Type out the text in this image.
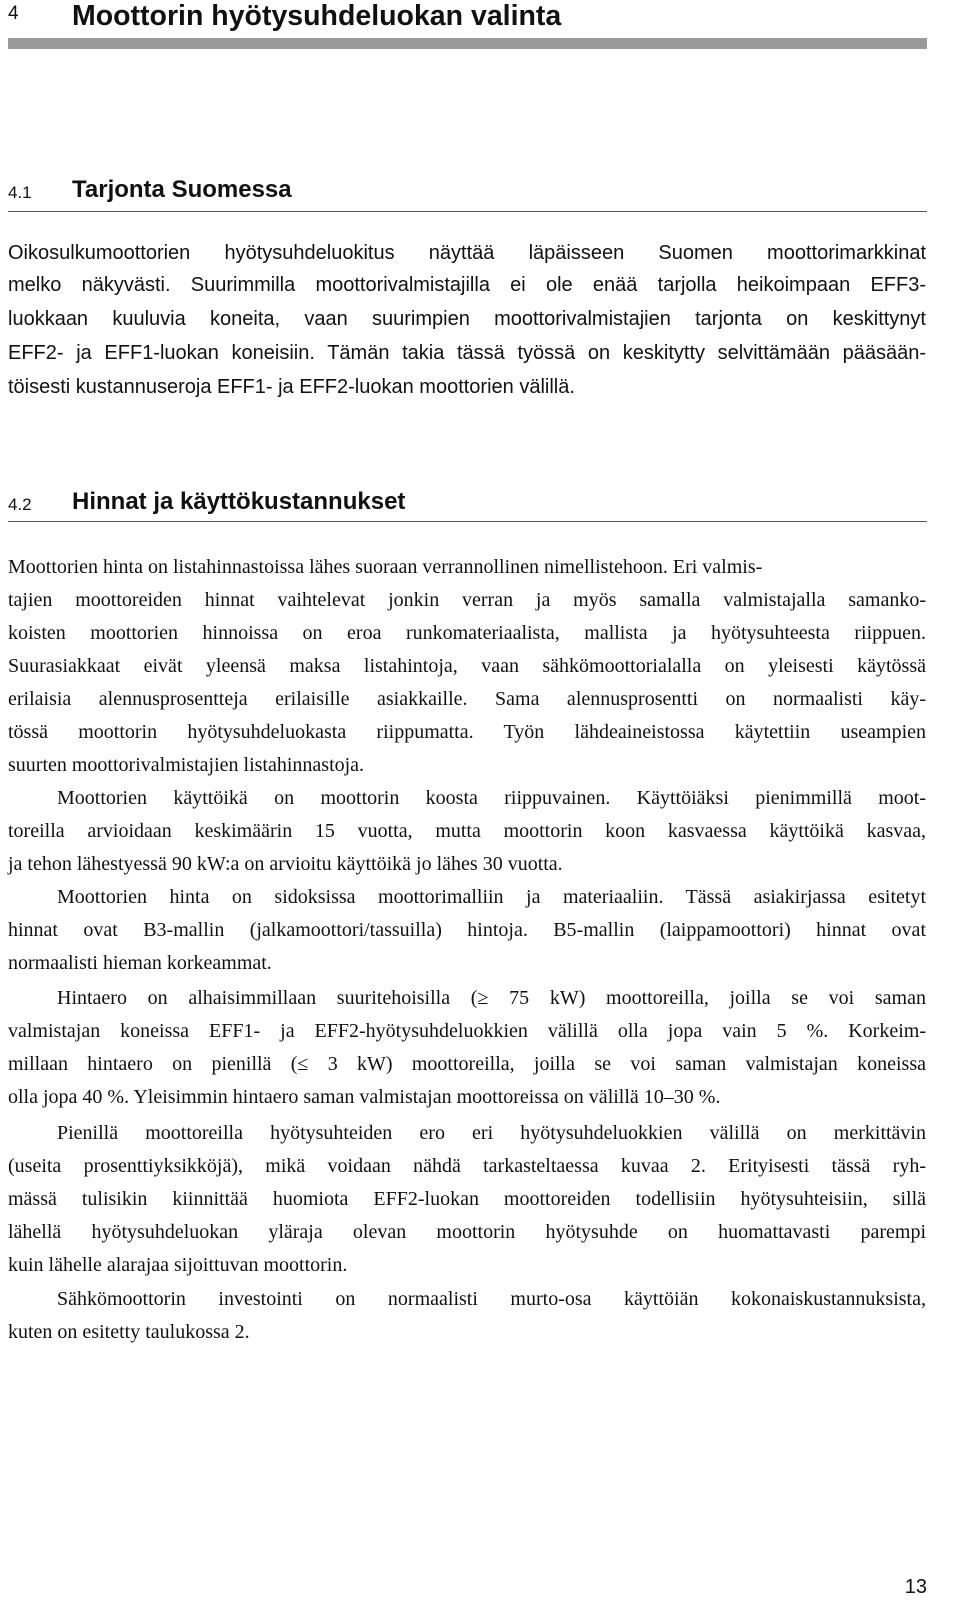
4 Moottorin hyötysuhdeluokan valinta
4.1 Tarjonta Suomessa
Oikosulkumoottorien hyötysuhdeluokitus näyttää läpäisseen Suomen moottorimarkkinat
melko näkyvästi. Suurimmilla moottorivalmistajilla ei ole enää tarjolla heikoimpaan EFF3-
luokkaan kuuluvia koneita, vaan suurimpien moottorivalmistajien tarjonta on keskittynyt
EFF2- ja EFF1-luokan koneisiin. Tämän takia tässä työssä on keskitytty selvittämään pääsään-
töisesti kustannuseroja EFF1- ja EFF2-luokan moottorien välillä.
4.2 Hinnat ja käyttökustannukset
Moottorien hinta on listahinnastoissa lähes suoraan verrannollinen nimellistehoon. Eri valmis-
tajien moottoreiden hinnat vaihtelevat jonkin verran ja myös samalla valmistajalla samanko-
koisten moottorien hinnoissa on eroa runkomateriaalista, mallista ja hyötysuhteesta riippuen.
Suurasiakkaat eivät yleensä maksa listahintoja, vaan sähkömoottorialalla on yleisesti käytössä
erilaisia alennusprosentteja erilaisille asiakkaille. Sama alennusprosentti on normaalisti käy-
tössä moottorin hyötysuhdeluokasta riippumatta. Työn lähdeaineistossa käytettiin useampien
suurten moottorivalmistajien listahinnastoja.
Moottorien käyttöikä on moottorin koosta riippuvainen. Käyttöiäksi pienimmillä moot-
toreilla arvioidaan keskimäärin 15 vuotta, mutta moottorin koon kasvaessa käyttöikä kasvaa,
ja tehon lähestyessä 90 kW:a on arvioitu käyttöikä jo lähes 30 vuotta.
Moottorien hinta on sidoksissa moottorimalliin ja materiaaliin. Tässä asiakirjassa esitetyt
hinnat ovat B3-mallin (jalkamoottori/tassuilla) hintoja. B5-mallin (laippamoottori) hinnat ovat
normaalisti hieman korkeammat.
Hintaero on alhaisimmillaan suuritehoisilla (≥ 75 kW) moottoreilla, joilla se voi saman
valmistajan koneissa EFF1- ja EFF2-hyötysuhdeluokkien välillä olla jopa vain 5 %. Korkeim-
millaan hintaero on pienillä (≤ 3 kW) moottoreilla, joilla se voi saman valmistajan koneissa
olla jopa 40 %. Yleisimmin hintaero saman valmistajan moottoreissa on välillä 10–30 %.
Pienillä moottoreilla hyötysuhteiden ero eri hyötysuhdeluokkien välillä on merkittävin
(useita prosenttiyksikköjä), mikä voidaan nähdä tarkasteltaessa kuvaa 2. Erityisesti tässä ryh-
mässä tulisikin kiinnittää huomiota EFF2-luokan moottoreiden todellisiin hyötysuhteisiin, sillä
lähellä hyötysuhdeluokan yläraja olevan moottorin hyötysuhde on huomattavasti parempi
kuin lähelle alarajaa sijoittuvan moottorin.
Sähkömoottorin investointi on normaalisti murto-osa käyttöiän kokonaiskustannuksista,
kuten on esitetty taulukossa 2.
13
